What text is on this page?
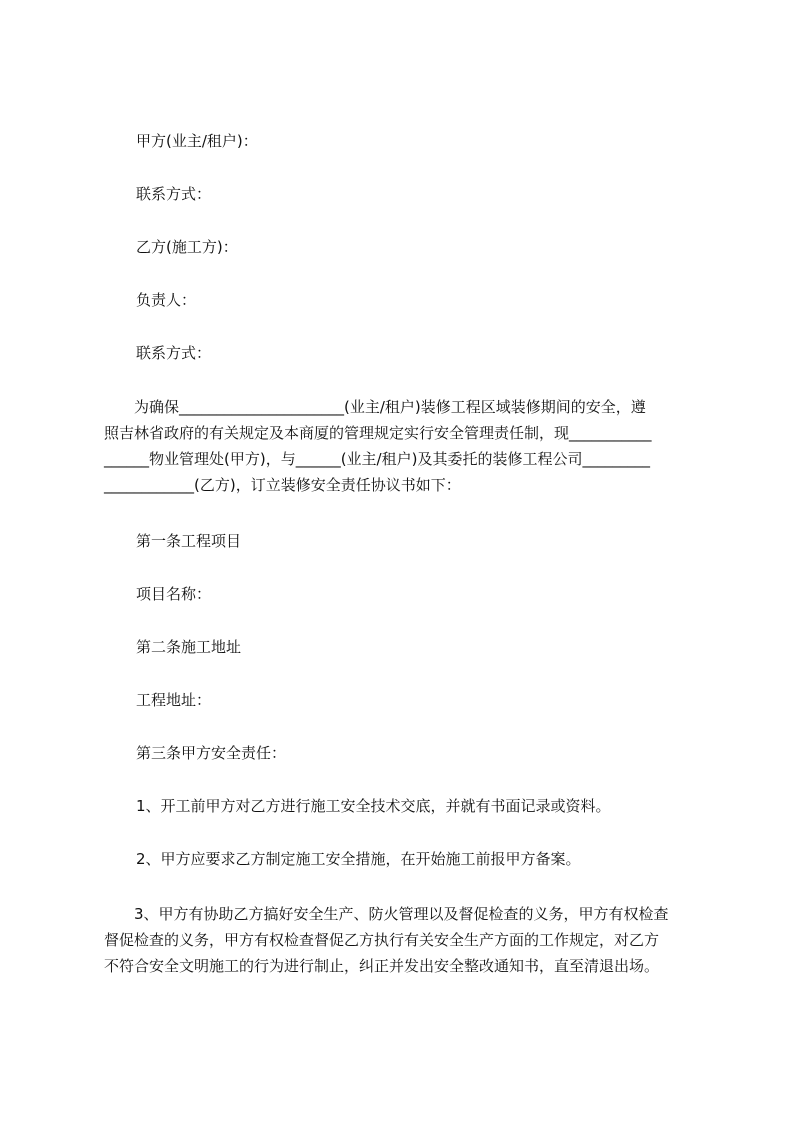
甲方(业主/租户)：
联系方式：
乙方(施工方)：
负责人：
联系方式：
　　为确保______________________(业主/租户)装修工程区域装修期间的安全，遵
照吉林省政府的有关规定及本商厦的管理规定实行安全管理责任制，现___________
______物业管理处(甲方)，与______(业主/租户)及其委托的装修工程公司_________
____________(乙方)，订立装修安全责任协议书如下：
第一条工程项目
项目名称：
第二条施工地址
工程地址：
第三条甲方安全责任：
1、开工前甲方对乙方进行施工安全技术交底，并就有书面记录或资料。
2、甲方应要求乙方制定施工安全措施，在开始施工前报甲方备案。
　　3、甲方有协助乙方搞好安全生产、防火管理以及督促检查的义务，甲方有权检查
督促检查的义务，甲方有权检查督促乙方执行有关安全生产方面的工作规定，对乙方
不符合安全文明施工的行为进行制止，纠正并发出安全整改通知书，直至清退出场。
